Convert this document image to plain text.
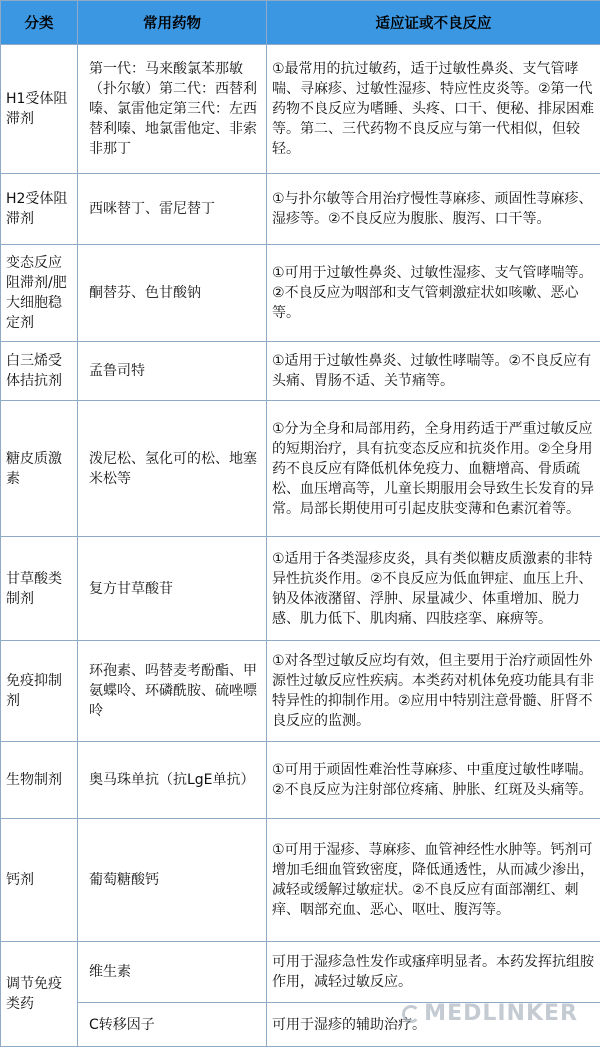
分类	常用药物	适应证或不良反应
H1受体阻滞剂	第一代：马来酸氯苯那敏（扑尔敏）第二代：西替利嗪、氯雷他定第三代：左西替利嗪、地氯雷他定、非索非那丁	①最常用的抗过敏药，适于过敏性鼻炎、支气管哮喘、寻麻疹、过敏性湿疹、特应性皮炎等。②第一代药物不良反应为嗜睡、头疼、口干、便秘、排尿困难等。第二、三代药物不良反应与第一代相似，但较轻。
H2受体阻滞剂	西咪替丁、雷尼替丁	①与扑尔敏等合用治疗慢性荨麻疹、顽固性荨麻疹、湿疹等。②不良反应为腹胀、腹泻、口干等。
变态反应阻滞剂/肥大细胞稳定剂	酮替芬、色甘酸钠	①可用于过敏性鼻炎、过敏性湿疹、支气管哮喘等。②不良反应为咽部和支气管刺激症状如咳嗽、恶心等。
白三烯受体拮抗剂	孟鲁司特	①适用于过敏性鼻炎、过敏性哮喘等。②不良反应有头痛、胃肠不适、关节痛等。
糖皮质激素	泼尼松、氢化可的松、地塞米松等	①分为全身和局部用药，全身用药适于严重过敏反应的短期治疗，具有抗变态反应和抗炎作用。②全身用药不良反应有降低机体免疫力、血糖增高、骨质疏松、血压增高等，儿童长期服用会导致生长发育的异常。局部长期使用可引起皮肤变薄和色素沉着等。
甘草酸类制剂	复方甘草酸苷	①适用于各类湿疹皮炎，具有类似糖皮质激素的非特异性抗炎作用。②不良反应为低血钾症、血压上升、钠及体液潴留、浮肿、尿量减少、体重增加、脱力感、肌力低下、肌肉痛、四肢痉挛、麻痹等。
免疫抑制剂	环孢素、吗替麦考酚酯、甲氨蝶呤、环磷酰胺、硫唑嘌呤	①对各型过敏反应均有效，但主要用于治疗顽固性外源性过敏反应性疾病。本类药对机体免疫功能具有非特异性的抑制作用。②应用中特别注意骨髓、肝肾不良反应的监测。
生物制剂	奥马珠单抗（抗LgE单抗）	①可用于顽固性难治性荨麻疹、中重度过敏性哮喘。②不良反应为注射部位疼痛、肿胀、红斑及头痛等。
钙剂	葡萄糖酸钙	①可用于湿疹、荨麻疹、血管神经性水肿等。钙剂可增加毛细血管致密度，降低通透性，从而减少渗出，减轻或缓解过敏症状。②不良反应有面部潮红、刺痒、咽部充血、恶心、呕吐、腹泻等。
调节免疫类药	维生素	可用于湿疹急性发作或瘙痒明显者。本药发挥抗组胺作用，减轻过敏反应。
	C转移因子	可用于湿疹的辅助治疗。
MEDLINKER
